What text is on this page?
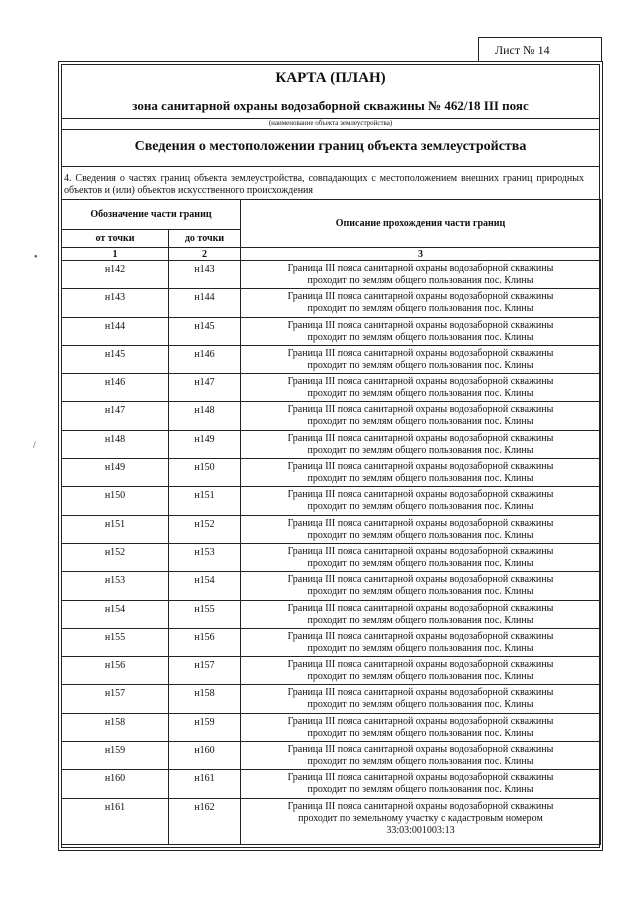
Лист № 14
КАРТА (ПЛАН)
зона санитарной охраны водозаборной скважины № 462/18 III пояс
(наименование объекта землеустройства)
Сведения о местоположении границ объекта землеустройства
4. Сведения о частях границ объекта землеустройства, совпадающих с местоположением внешних границ природных объектов и (или) объектов искусственного происхождения
Обозначение части границ		Описание прохождения части границ
от точки	до точки	
1	2	3
н142	н143	Граница III пояса санитарной охраны водозаборной скважины
проходит по землям общего пользования пос. Клины

н143	н144	Граница III пояса санитарной охраны водозаборной скважины
проходит по землям общего пользования пос. Клины

н144	н145	Граница III пояса санитарной охраны водозаборной скважины
проходит по землям общего пользования пос. Клины

н145	н146	Граница III пояса санитарной охраны водозаборной скважины
проходит по землям общего пользования пос. Клины

н146	н147	Граница III пояса санитарной охраны водозаборной скважины
проходит по землям общего пользования пос. Клины

н147	н148	Граница III пояса санитарной охраны водозаборной скважины
проходит по землям общего пользования пос. Клины

н148	н149	Граница III пояса санитарной охраны водозаборной скважины
проходит по землям общего пользования пос. Клины

н149	н150	Граница III пояса санитарной охраны водозаборной скважины
проходит по землям общего пользования пос. Клины

н150	н151	Граница III пояса санитарной охраны водозаборной скважины
проходит по землям общего пользования пос. Клины

н151	н152	Граница III пояса санитарной охраны водозаборной скважины
проходит по землям общего пользования пос. Клины

н152	н153	Граница III пояса санитарной охраны водозаборной скважины
проходит по землям общего пользования пос. Клины

н153	н154	Граница III пояса санитарной охраны водозаборной скважины
проходит по землям общего пользования пос. Клины

н154	н155	Граница III пояса санитарной охраны водозаборной скважины
проходит по землям общего пользования пос. Клины

н155	н156	Граница III пояса санитарной охраны водозаборной скважины
проходит по землям общего пользования пос. Клины

н156	н157	Граница III пояса санитарной охраны водозаборной скважины
проходит по землям общего пользования пос. Клины

н157	н158	Граница III пояса санитарной охраны водозаборной скважины
проходит по землям общего пользования пос. Клины

н158	н159	Граница III пояса санитарной охраны водозаборной скважины
проходит по землям общего пользования пос. Клины

н159	н160	Граница III пояса санитарной охраны водозаборной скважины
проходит по землям общего пользования пос. Клины

н160	н161	Граница III пояса санитарной охраны водозаборной скважины
проходит по землям общего пользования пос. Клины

н161	н162	Граница III пояса санитарной охраны водозаборной скважины
проходит по земельному участку с кадастровым номером
33:03:001003:13
•
/
